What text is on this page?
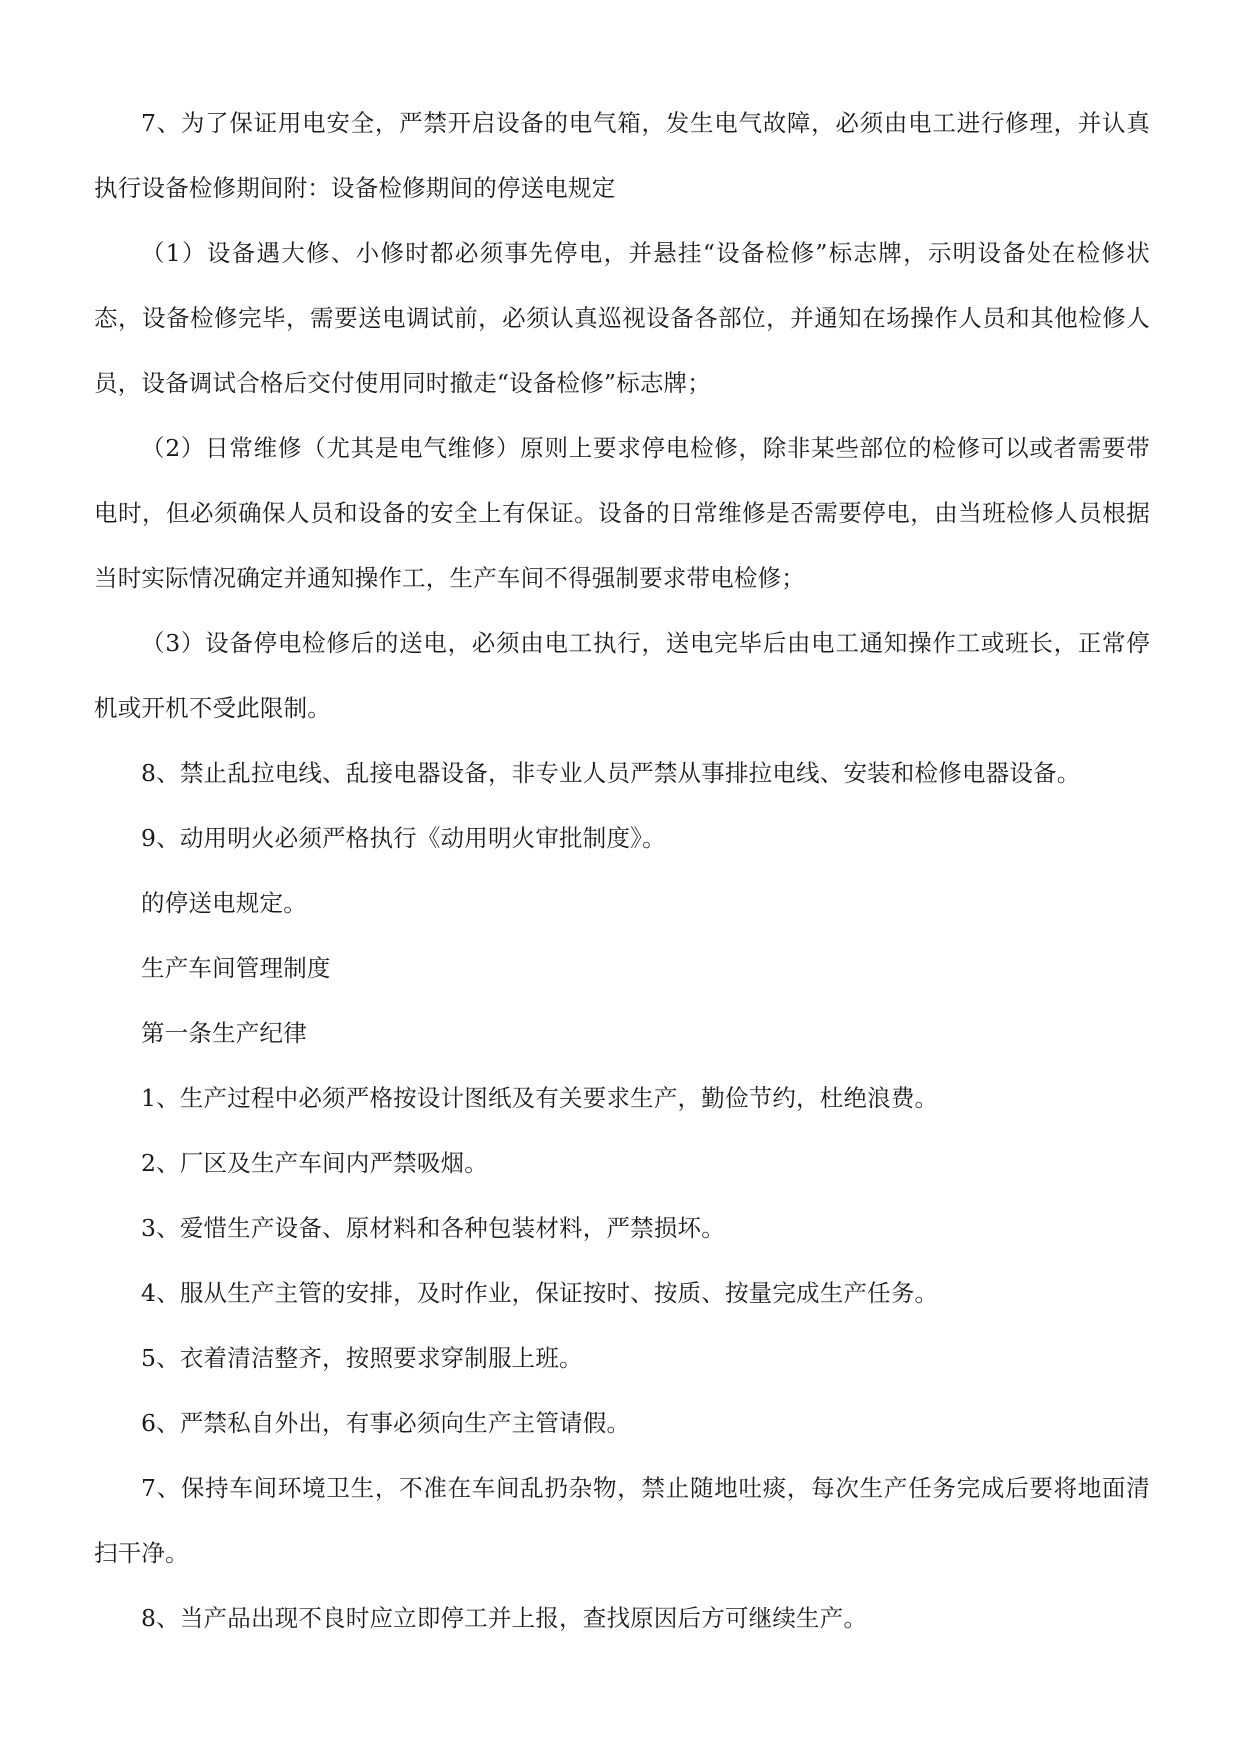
7、为了保证用电安全，严禁开启设备的电气箱，发生电气故障，必须由电工进行修理，并认真执行设备检修期间附：设备检修期间的停送电规定

（1）设备遇大修、小修时都必须事先停电，并悬挂“设备检修”标志牌，示明设备处在检修状态，设备检修完毕，需要送电调试前，必须认真巡视设备各部位，并通知在场操作人员和其他检修人员，设备调试合格后交付使用同时撤走“设备检修”标志牌；

（2）日常维修（尤其是电气维修）原则上要求停电检修，除非某些部位的检修可以或者需要带电时，但必须确保人员和设备的安全上有保证。设备的日常维修是否需要停电，由当班检修人员根据当时实际情况确定并通知操作工，生产车间不得强制要求带电检修；

（3）设备停电检修后的送电，必须由电工执行，送电完毕后由电工通知操作工或班长，正常停机或开机不受此限制。

8、禁止乱拉电线、乱接电器设备，非专业人员严禁从事排拉电线、安装和检修电器设备。

9、动用明火必须严格执行《动用明火审批制度》。

的停送电规定。

生产车间管理制度

第一条生产纪律

1、生产过程中必须严格按设计图纸及有关要求生产，勤俭节约，杜绝浪费。

2、厂区及生产车间内严禁吸烟。

3、爱惜生产设备、原材料和各种包装材料，严禁损坏。

4、服从生产主管的安排，及时作业，保证按时、按质、按量完成生产任务。

5、衣着清洁整齐，按照要求穿制服上班。

6、严禁私自外出，有事必须向生产主管请假。

7、保持车间环境卫生，不准在车间乱扔杂物，禁止随地吐痰，每次生产任务完成后要将地面清扫干净。

8、当产品出现不良时应立即停工并上报，查找原因后方可继续生产。
